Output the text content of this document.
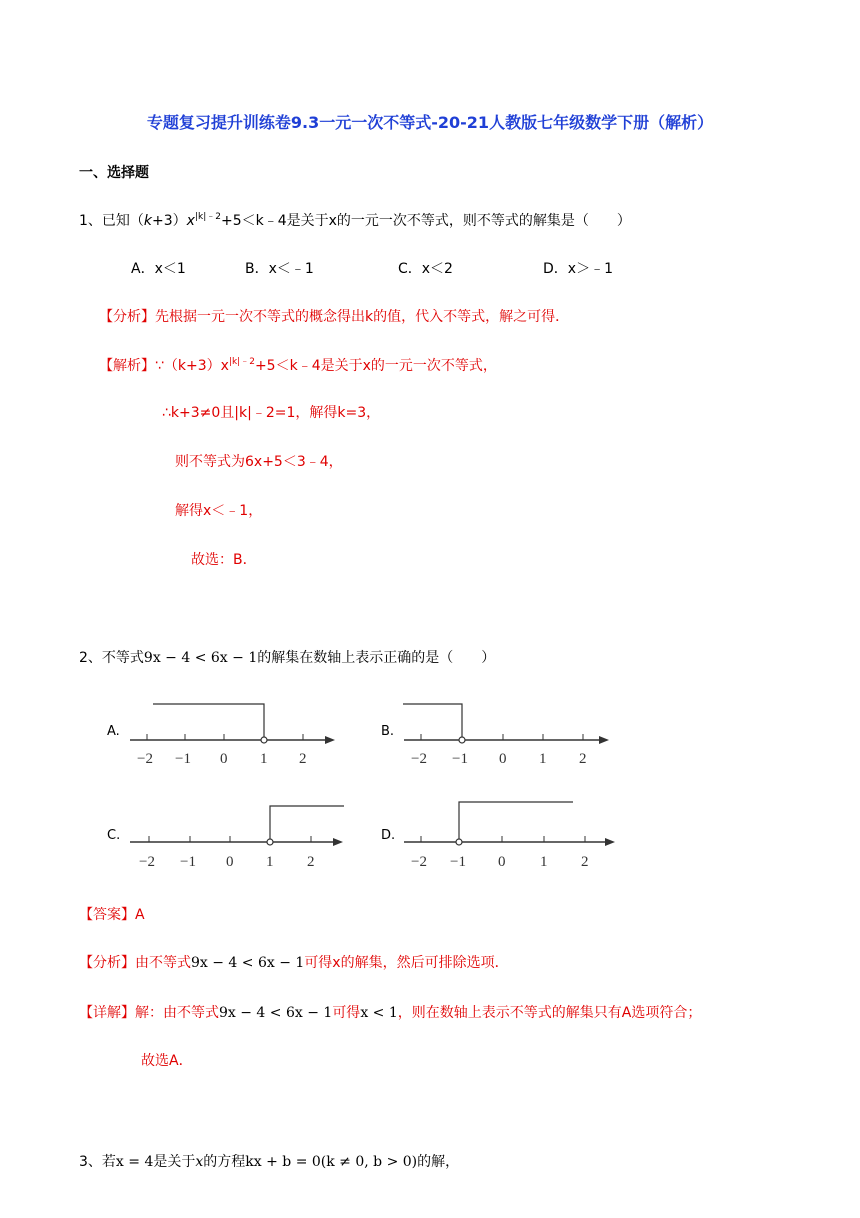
专题复习提升训练卷9.3一元一次不等式-20-21人教版七年级数学下册（解析）
一、选择题
1、已知$(k+3)x^{|k|﹣2}+5<k﹣4$是关于x的一元一次不等式，则不等式的解集是（　　）
A．x＜1	B．x＜﹣1	C．x＜2	D．x＞﹣1
【分析】先根据一元一次不等式的概念得出k的值，代入不等式，解之可得．
【解析】$\because(k+3)x^{|k|﹣2}+5<k﹣4$是关于x的一元一次不等式，
∴k+3≠0且|k|﹣2=1，解得k=3，
则不等式为6x+5＜3﹣4，
解得x＜﹣1，
故选：B．
2、不等式9x − 4 < 6x − 1的解集在数轴上表示正确的是（　　）
A.
−2 −1 0 1 2
B.
−2 −1 0 1 2
C.
−2 −1 0 1 2
D.
−2 −1 0 1 2
【答案】A
【分析】由不等式9x − 4 < 6x − 1可得x的解集，然后可排除选项．
【详解】解：由不等式9x − 4 < 6x − 1可得x < 1，则在数轴上表示不等式的解集只有A选项符合；
故选A．
3、若x = 4是关于x的方程kx + b = 0(k ≠ 0, b > 0)的解，
